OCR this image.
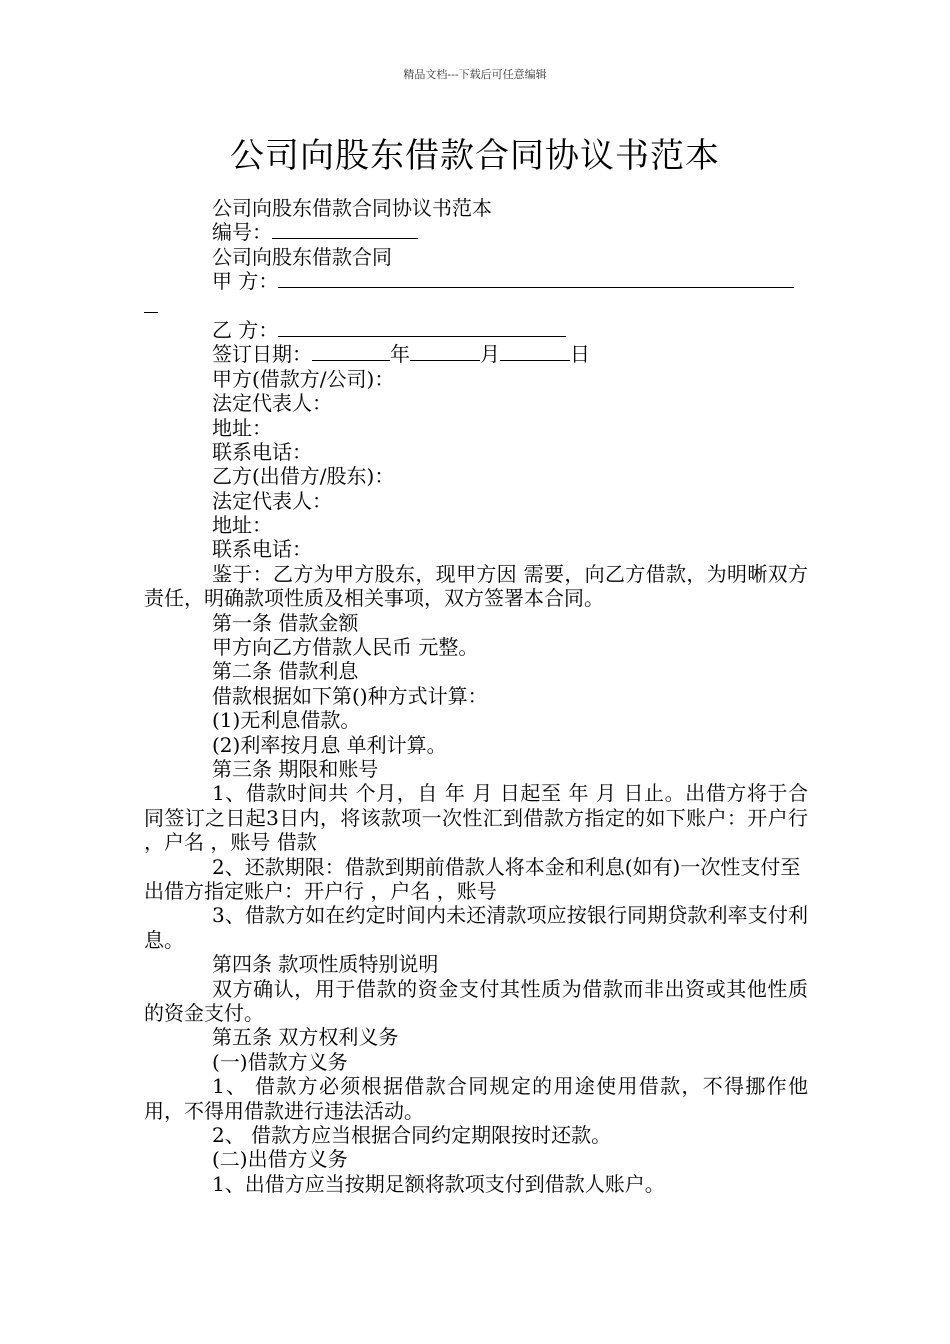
精品文档---下载后可任意编辑
公司向股东借款合同协议书范本
公司向股东借款合同协议书范本
编号：
公司向股东借款合同
甲 方：
乙 方：
签订日期：	年	月	日
甲方(借款方/公司)：
法定代表人：
地址：
联系电话：
乙方(出借方/股东)：
法定代表人：
地址：
联系电话：
鉴于：乙方为甲方股东，现甲方因 需要，向乙方借款，为明晰双方责任，明确款项性质及相关事项，双方签署本合同。
第一条 借款金额
甲方向乙方借款人民币 元整。
第二条 借款利息
借款根据如下第()种方式计算：
(1)无利息借款。
(2)利率按月息 单利计算。
第三条 期限和账号
1、借款时间共 个月，自 年 月 日起至 年 月 日止。出借方将于合同签订之日起3日内，将该款项一次性汇到借款方指定的如下账户：开户行 ，户名 ，账号 借款
2、还款期限：借款到期前借款人将本金和利息(如有)一次性支付至出借方指定账户：开户行 ，户名 ，账号
3、借款方如在约定时间内未还清款项应按银行同期贷款利率支付利息。
第四条 款项性质特别说明
双方确认，用于借款的资金支付其性质为借款而非出资或其他性质的资金支付。
第五条 双方权利义务
(一)借款方义务
1、 借款方必须根据借款合同规定的用途使用借款，不得挪作他用，不得用借款进行违法活动。
2、 借款方应当根据合同约定期限按时还款。
(二)出借方义务
1、出借方应当按期足额将款项支付到借款人账户。
